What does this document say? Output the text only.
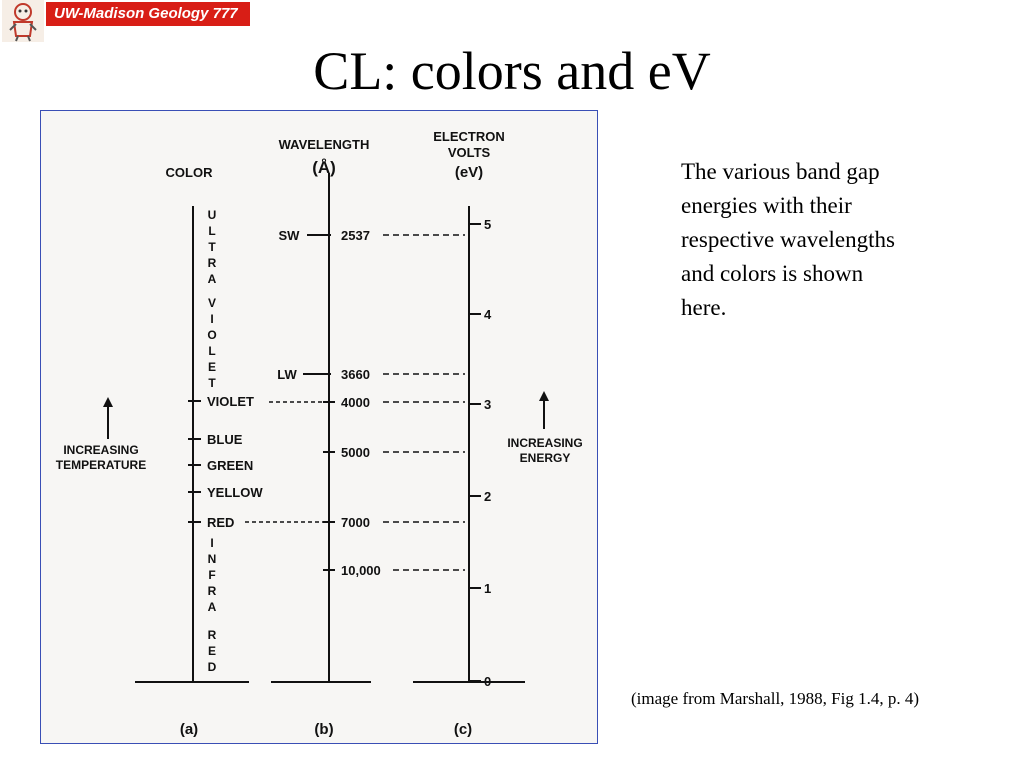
UW-Madison Geology 777
CL: colors and eV
COLOR
WAVELENGTH
(Å)
ELECTRON
VOLTS
(eV)
U
L
T
R
A
V
I
O
L
E
T
VIOLET
BLUE
GREEN
YELLOW
RED
I
N
F
R
A
R
E
D
INCREASING
TEMPERATURE
SW	2537
LW	3660
4000
5000
7000
10,000
5
4
3
2
1
0
INCREASING
ENERGY
(a)	(b)	(c)
The various band gap energies with their respective wavelengths and colors is shown here.
(image from Marshall, 1988, Fig 1.4, p. 4)
